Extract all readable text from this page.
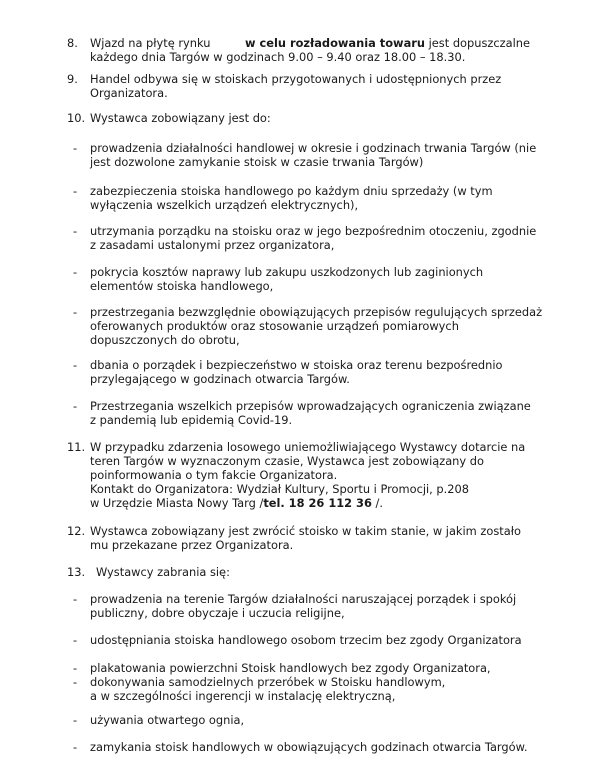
8. Wjazd na płytę rynku	w celu rozładowania towaru jest dopuszczalne
każdego dnia Targów w godzinach 9.00 – 9.40 oraz 18.00 – 18.30.
9. Handel odbywa się w stoiskach przygotowanych i udostępnionych przez
Organizatora.
10. Wystawca zobowiązany jest do:
- prowadzenia działalności handlowej w okresie i godzinach trwania Targów (nie
jest dozwolone zamykanie stoisk w czasie trwania Targów)
- zabezpieczenia stoiska handlowego po każdym dniu sprzedaży (w tym
wyłączenia wszelkich urządzeń elektrycznych),
- utrzymania porządku na stoisku oraz w jego bezpośrednim otoczeniu, zgodnie
z zasadami ustalonymi przez organizatora,
- pokrycia kosztów naprawy lub zakupu uszkodzonych lub zaginionych
elementów stoiska handlowego,
- przestrzegania bezwzględnie obowiązujących przepisów regulujących sprzedaż
oferowanych produktów oraz stosowanie urządzeń pomiarowych
dopuszczonych do obrotu,
- dbania o porządek i bezpieczeństwo w stoiska oraz terenu bezpośrednio
przylegającego w godzinach otwarcia Targów.
- Przestrzegania wszelkich przepisów wprowadzających ograniczenia związane
z pandemią lub epidemią Covid-19.
11. W przypadku zdarzenia losowego uniemożliwiającego Wystawcy dotarcie na
teren Targów w wyznaczonym czasie, Wystawca jest zobowiązany do
poinformowania o tym fakcie Organizatora.
Kontakt do Organizatora: Wydział Kultury, Sportu i Promocji, p.208
w Urzędzie Miasta Nowy Targ /tel. 18 26 112 36 /.
12. Wystawca zobowiązany jest zwrócić stoisko w takim stanie, w jakim zostało
mu przekazane przez Organizatora.
13. Wystawcy zabrania się:
- prowadzenia na terenie Targów działalności naruszającej porządek i spokój
publiczny, dobre obyczaje i uczucia religijne,
- udostępniania stoiska handlowego osobom trzecim bez zgody Organizatora
- plakatowania powierzchni Stoisk handlowych bez zgody Organizatora,
- dokonywania samodzielnych przeróbek w Stoisku handlowym,
a w szczególności ingerencji w instalację elektryczną,
- używania otwartego ognia,
- zamykania stoisk handlowych w obowiązujących godzinach otwarcia Targów.
